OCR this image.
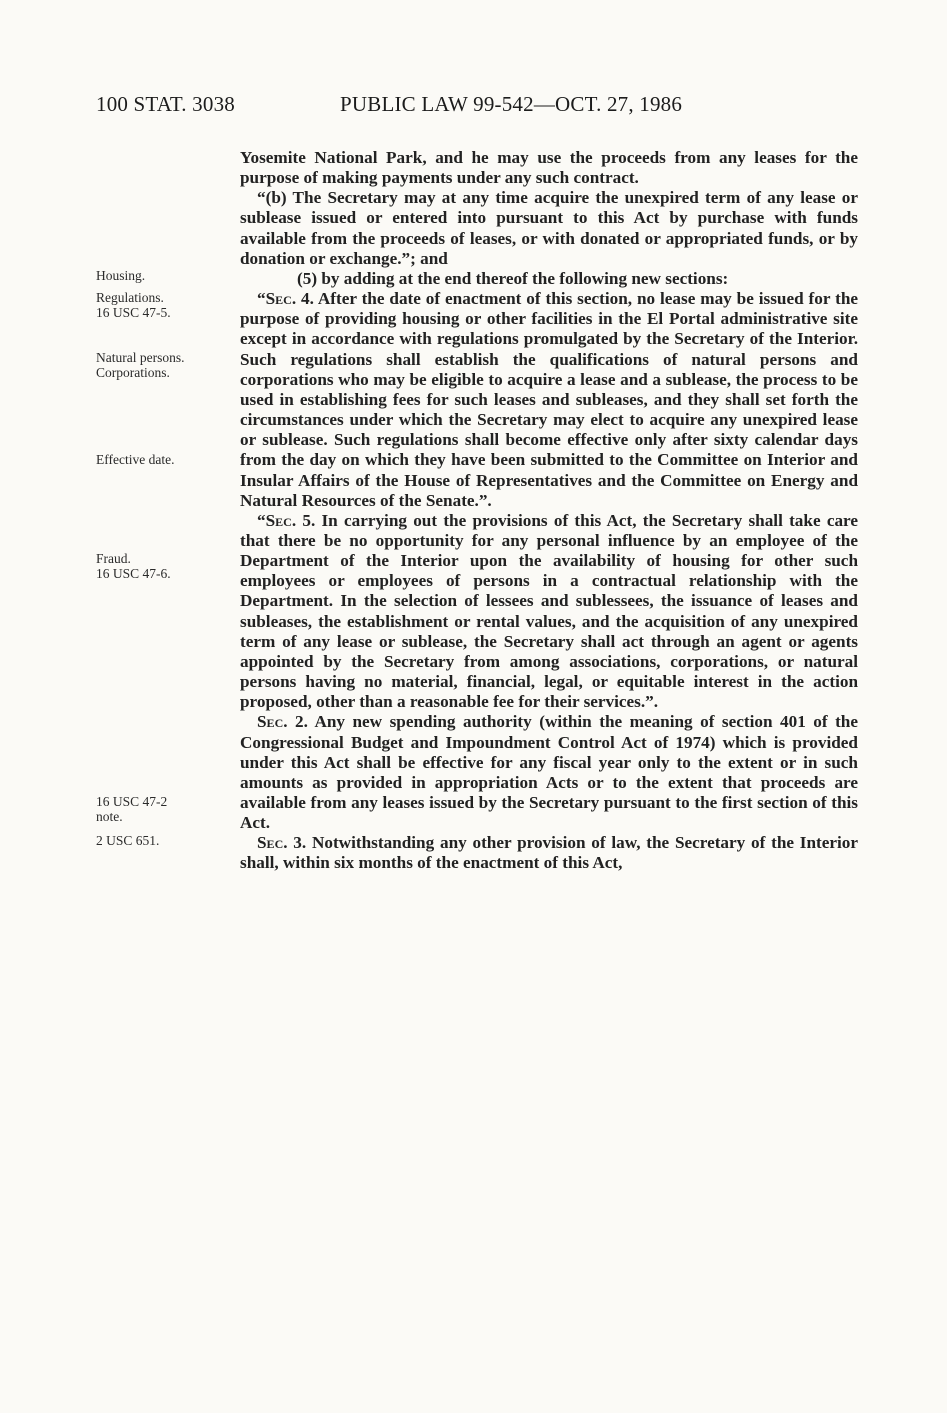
100 STAT. 3038	PUBLIC LAW 99-542—OCT. 27, 1986
Housing.
Regulations.
16 USC 47-5.
Natural persons.
Corporations.
Effective date.
Fraud.
16 USC 47-6.
16 USC 47-2
note.
2 USC 651.

Yosemite National Park, and he may use the proceeds from any leases for the purpose of making payments under any such contract.

“(b) The Secretary may at any time acquire the unexpired term of any lease or sublease issued or entered into pursuant to this Act by purchase with funds available from the proceeds of leases, or with donated or appropriated funds, or by donation or exchange.”; and

(5) by adding at the end thereof the following new sections:

“Sec. 4. After the date of enactment of this section, no lease may be issued for the purpose of providing housing or other facilities in the El Portal administrative site except in accordance with regulations promulgated by the Secretary of the Interior. Such regulations shall establish the qualifications of natural persons and corporations who may be eligible to acquire a lease and a sublease, the process to be used in establishing fees for such leases and subleases, and they shall set forth the circumstances under which the Secretary may elect to acquire any unexpired lease or sublease. Such regulations shall become effective only after sixty calendar days from the day on which they have been submitted to the Committee on Interior and Insular Affairs of the House of Representatives and the Committee on Energy and Natural Resources of the Senate.”.

“Sec. 5. In carrying out the provisions of this Act, the Secretary shall take care that there be no opportunity for any personal influence by an employee of the Department of the Interior upon the availability of housing for other such employees or employees of persons in a contractual relationship with the Department. In the selection of lessees and sublessees, the issuance of leases and subleases, the establishment or rental values, and the acquisition of any unexpired term of any lease or sublease, the Secretary shall act through an agent or agents appointed by the Secretary from among associations, corporations, or natural persons having no material, financial, legal, or equitable interest in the action proposed, other than a reasonable fee for their services.”.

Sec. 2. Any new spending authority (within the meaning of section 401 of the Congressional Budget and Impoundment Control Act of 1974) which is provided under this Act shall be effective for any fiscal year only to the extent or in such amounts as provided in appropriation Acts or to the extent that proceeds are available from any leases issued by the Secretary pursuant to the first section of this Act.

Sec. 3. Notwithstanding any other provision of law, the Secretary of the Interior shall, within six months of the enactment of this Act,
